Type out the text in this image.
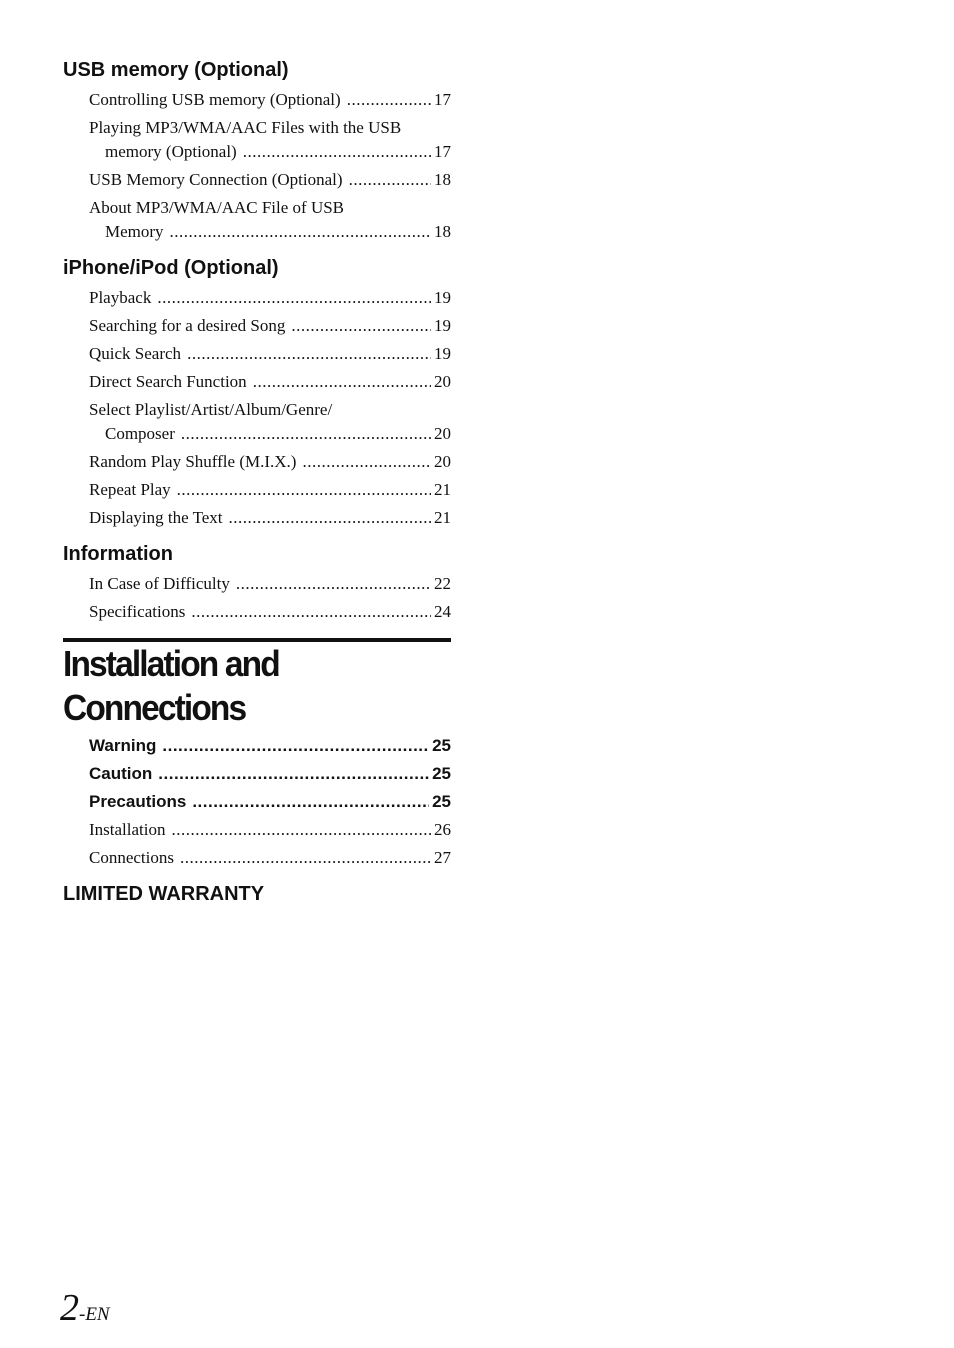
USB memory (Optional)
Controlling USB memory (Optional) .....	17
Playing MP3/WMA/AAC Files with the USB
memory (Optional) .....	17
USB Memory Connection (Optional) .....	18
About MP3/WMA/AAC File of USB
Memory .....	18
iPhone/iPod (Optional)
Playback .....	19
Searching for a desired Song .....	19
Quick Search .....	19
Direct Search Function .....	20
Select Playlist/Artist/Album/Genre/
Composer .....	20
Random Play Shuffle (M.I.X.) .....	20
Repeat Play .....	21
Displaying the Text .....	21
Information
In Case of Difficulty .....	22
Specifications .....	24
Installation and Connections
Warning .....	25
Caution .....	25
Precautions .....	25
Installation .....	26
Connections .....	27
LIMITED WARRANTY
2-EN
